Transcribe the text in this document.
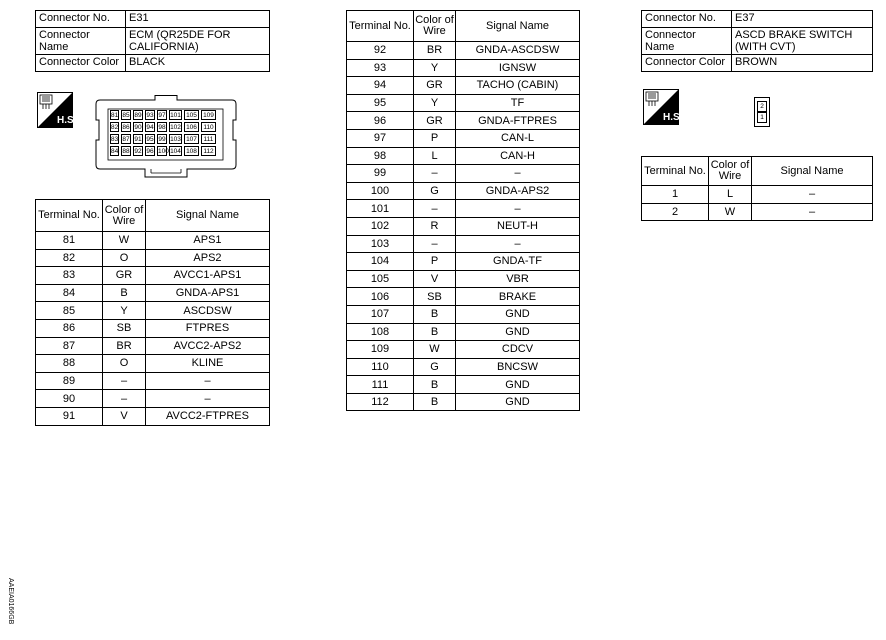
Connector No.	E31
Connector Name	ECM (QR25DE FOR
CALIFORNIA)

Connector Color	BLACK
H.S.	81 85 89 93 97 101 105 109
82 86 90 94 98 102 106 110
83 87 91 95 99 103 107	111
84 88 92 96 100 104 108 112
Terminal No.	Color of
Wire	Signal Name
81	W	APS1
82	O	APS2
83	GR	AVCC1-APS1
84	B	GNDA-APS1
85	Y	ASCDSW
86	SB	FTPRES
87	BR	AVCC2-APS2
88	O	KLINE
89	–	–
90	–	–
91	V	AVCC2-FTPRES
Terminal No.	Color of
Wire	Signal Name
92	BR	GNDA-ASCDSW
93	Y	IGNSW
94	GR	TACHO (CABIN)
95	Y	TF
96	GR	GNDA-FTPRES
97	P	CAN-L
98	L	CAN-H
99	–	–
100	G	GNDA-APS2
101	–	–
102	R	NEUT-H
103	–	–
104	P	GNDA-TF
105	V	VBR
106	SB	BRAKE
107	B	GND
108	B	GND
109	W	CDCV
110	G	BNCSW
111	B	GND
112	B	GND
Connector No.	E37
Connector Name	ASCD BRAKE SWITCH
(WITH CVT)

Connector Color	BROWN
H.S.
2
1
Terminal No.	Color of
Wire	Signal Name
1	L	–
2	W	–
AAEIA0166GB
